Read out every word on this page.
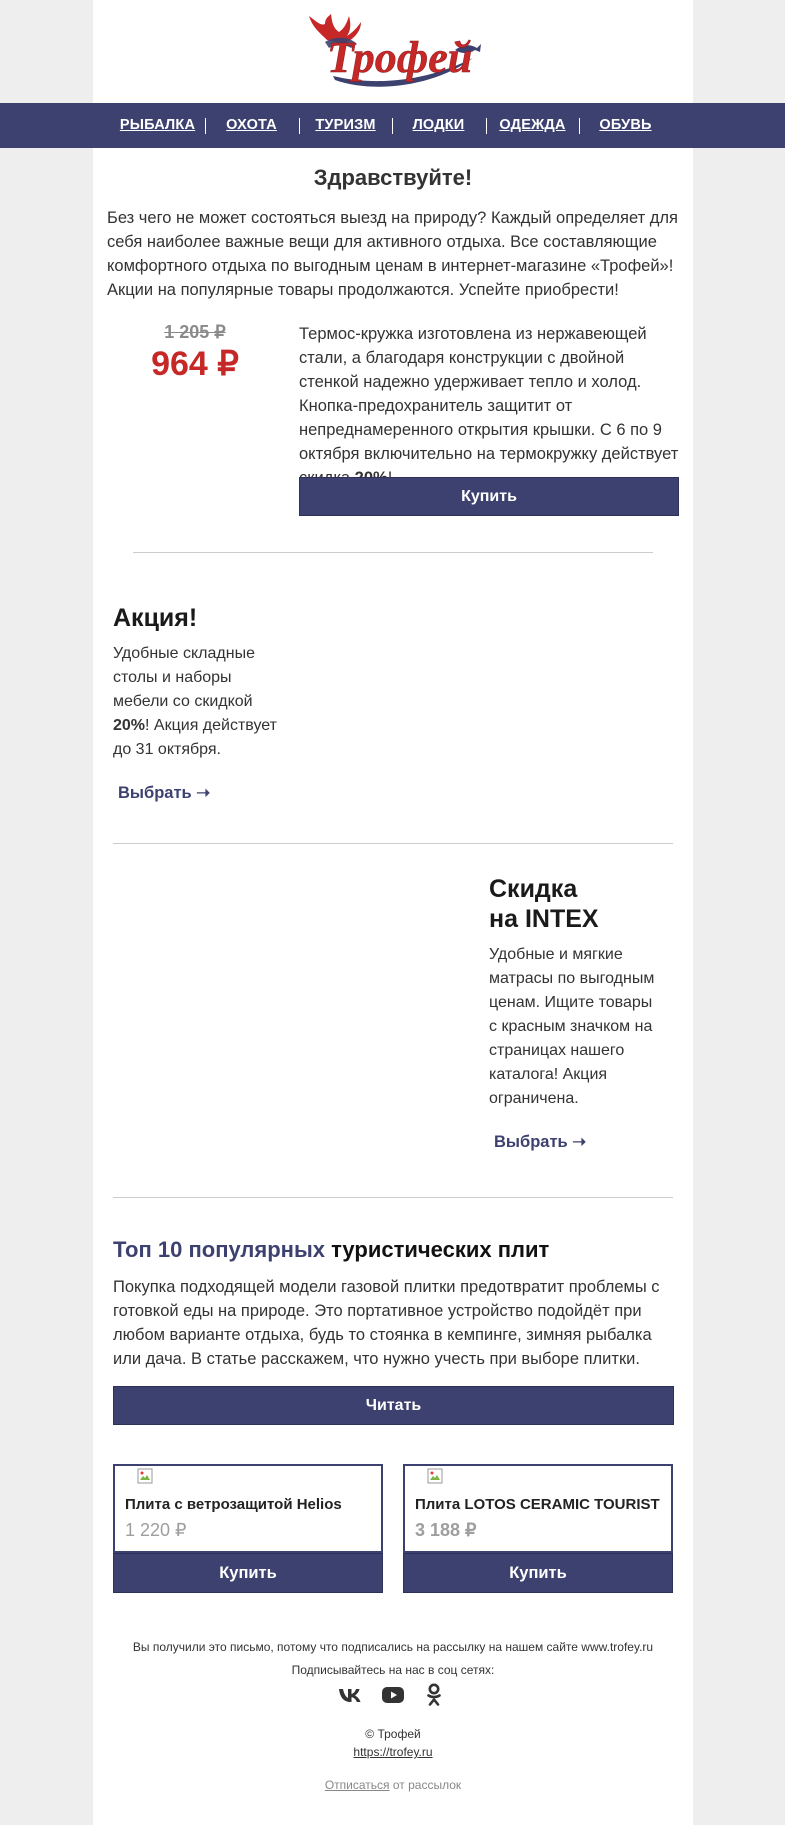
Трофей
РЫБАЛКА	ОХОТА	ТУРИЗМ	ЛОДКИ	ОДЕЖДА	ОБУВЬ
Здравствуйте!
Без чего не может состояться выезд на природу? Каждый определяет для себя наиболее важные вещи для активного отдыха. Все составляющие комфортного отдыха по выгодным ценам в интернет-магазине «Трофей»! Акции на популярные товары продолжаются. Успейте приобрести!
1 205 ₽
964 ₽
Термос-кружка изготовлена из нержавеющей стали, а благодаря конструкции с двойной стенкой надежно удерживает тепло и холод. Кнопка-предохранитель защитит от непреднамеренного открытия крышки. С 6 по 9 октября включительно на термокружку действует
Купить
Акция!
Удобные складные столы и наборы мебели со скидкой 20%! Акция действует до 31 октября.
Выбрать ➝
Скидка
на INTEX
Удобные и мягкие матрасы по выгодным ценам. Ищите товары с красным значком на страницах нашего каталога! Акция ограничена.
Выбрать ➝
Топ 10 популярных туристических плит
Покупка подходящей модели газовой плитки предотвратит проблемы с готовкой еды на природе. Это портативное устройство подойдёт при любом варианте отдыха, будь то стоянка в кемпинге, зимняя рыбалка или дача. В статье расскажем, что нужно учесть при выборе плитки.
Читать
Плита с ветрозащитой Helios
1 220 ₽
Купить
Плита LOTOS CERAMIC TOURIST
3 188 ₽
Купить
Вы получили это письмо, потому что подписались на рассылку на нашем сайте www.trofey.ru
Подписывайтесь на нас в соц сетях:
© Трофей
https://trofey.ru
Отписаться от рассылок
